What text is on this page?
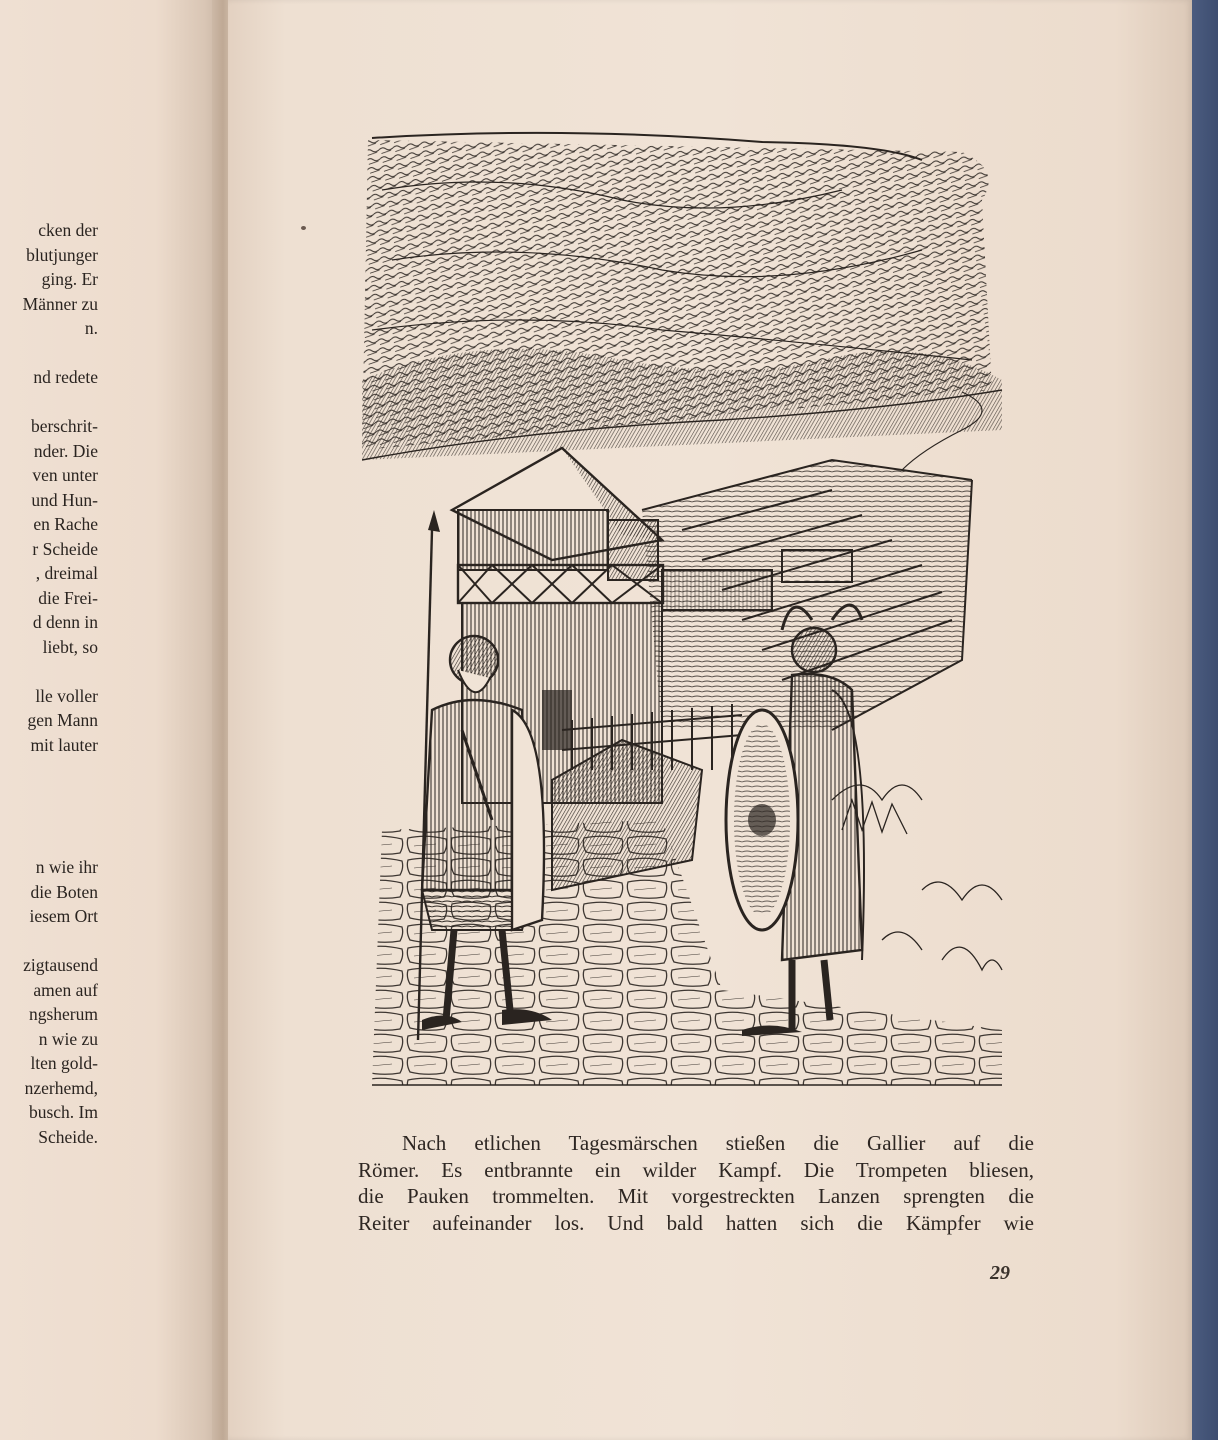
cken der
blutjunger
ging. Er
Männer zu
n.
nd redete
berschrit-
nder. Die
ven unter
und Hun-
en Rache
r Scheide
, dreimal
die Frei-
d denn in
liebt, so
lle voller
gen Mann
mit lauter
n wie ihr
die Boten
iesem Ort
zigtausend
amen auf
ngsherum
n wie zu
lten gold-
nzerhemd,
busch. Im
Scheide.	Nach etlichen Tagesmärschen stießen die Gallier auf die
Römer. Es entbrannte ein wilder Kampf. Die Trompeten bliesen,
die Pauken trommelten. Mit vorgestreckten Lanzen sprengten die
Reiter aufeinander los. Und bald hatten sich die Kämpfer wie
29
